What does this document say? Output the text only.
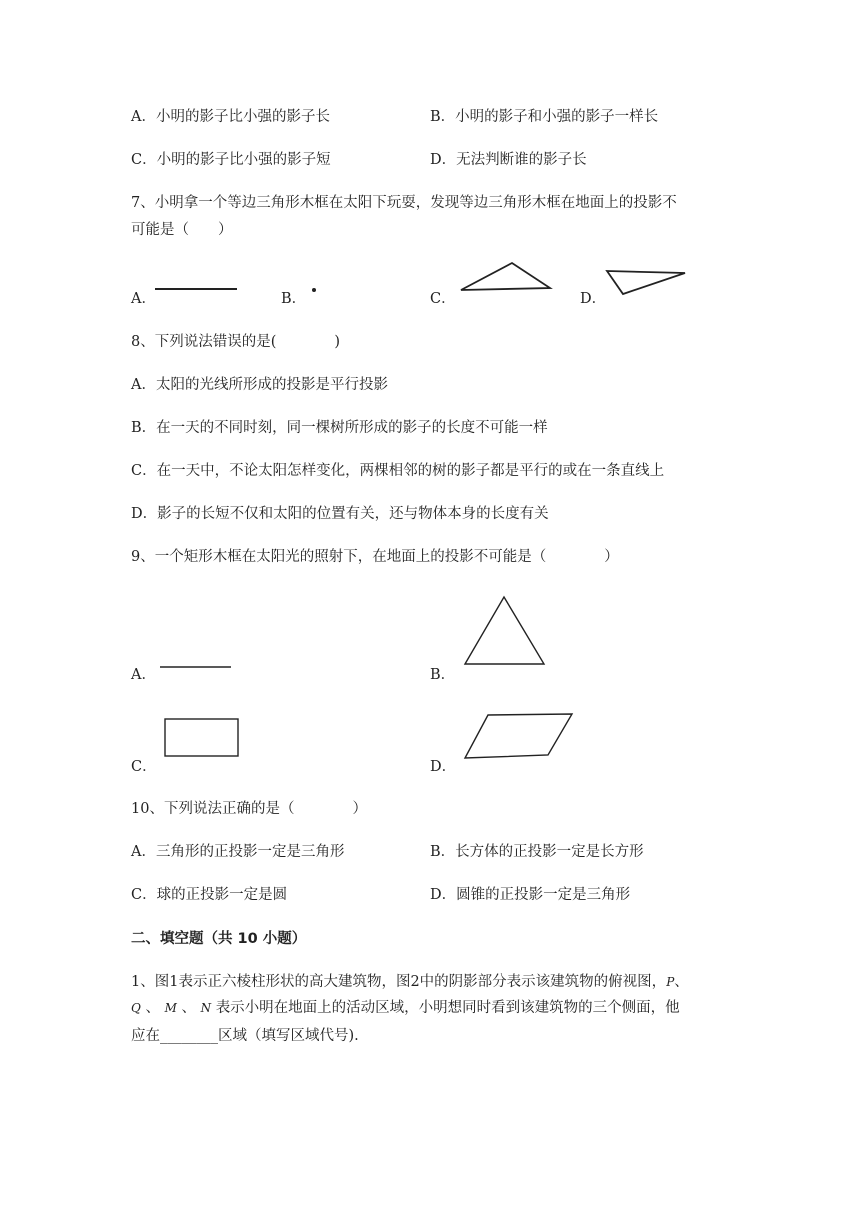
A．小明的影子比小强的影子长	B．小明的影子和小强的影子一样长
C．小明的影子比小强的影子短	D．无法判断谁的影子长
7、小明拿一个等边三角形木框在太阳下玩耍，发现等边三角形木框在地面上的投影不
可能是（　　）
A．	B．	C．	D．
8、下列说法错误的是(　　　　)
A．太阳的光线所形成的投影是平行投影
B．在一天的不同时刻，同一棵树所形成的影子的长度不可能一样
C．在一天中，不论太阳怎样变化，两棵相邻的树的影子都是平行的或在一条直线上
D．影子的长短不仅和太阳的位置有关，还与物体本身的长度有关
9、一个矩形木框在太阳光的照射下，在地面上的投影不可能是（　　　　）
A．	B．
C．	D．
10、下列说法正确的是（　　　　）
A．三角形的正投影一定是三角形	B．长方体的正投影一定是长方形
C．球的正投影一定是圆	D．圆锥的正投影一定是三角形
二、填空题（共 10 小题）
1、图1表示正六棱柱形状的高大建筑物，图2中的阴影部分表示该建筑物的俯视图，P、
Q 、 M 、 N 表示小明在地面上的活动区域，小明想同时看到该建筑物的三个侧面，他
应在________区域（填写区域代号).
